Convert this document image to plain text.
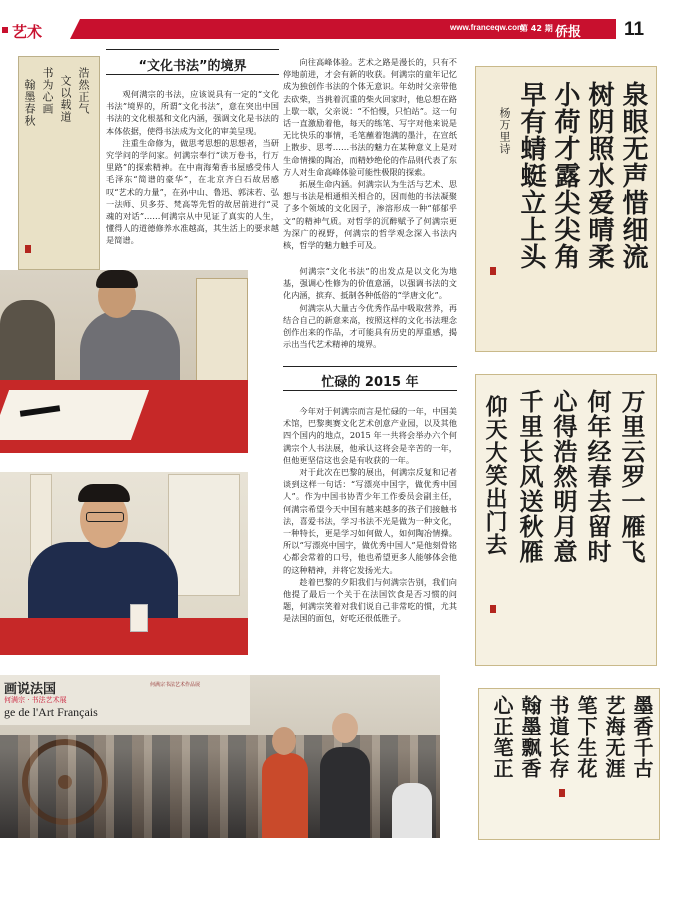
艺术	www.franceqw.com
第 42 期 侨报 11
浩然正气
文以载道
书为心画
翰墨春秋
“文化书法”的境界

观何满宗的书法，应该说具有一定的“文化书法”境界的，所谓“文化书法”，意在突出中国书法的文化根基和文化内涵，强调文化是书法的本体依据，使得书法成为文化的审美呈现。

注重生命修为，做思考思想的思想者，当研究学问的学问家。何满宗奉行“读万卷书，行万里路”的探索精神。在中南海菊香书屋感受伟人毛泽东“简谱的豪华”，在北京齐白石故居感叹“艺术的力量”，在孙中山、鲁迅、郭沫若、弘一法师、贝多芬、梵高等先哲的故居前进行“灵魂的对话”……何满宗从中见证了真实的人生，懂得人的道德修养水准越高，其生活上的要求越是简谱。

向往高峰体验。艺术之路是漫长的，只有不停地前进，才会有新的收获。何满宗的童年记忆成为独创作书法的个体无意识。年幼时父亲带他去砍柴，当挑着沉重的柴火回家时，他总想在路上歇一歇，父亲说：“不怕慢，只怕站”。这一句话一直激励着他，每天的练笔、写字对他来说是无比快乐的事情，毛笔蘸着饱满的墨汁，在宣纸上散步、思考……书法的魅力在某种意义上是对生命情操的陶冶，而精妙绝伦的作品则代表了东方人对生命高峰体验可能性极限的探索。

拓展生命内涵。何满宗认为生活与艺术、思想与书法是相通相关相合的，因而他的书法凝聚了多个领域的文化因子，渗溶形成一种“郁郁乎文”的精神气质。对哲学的沉醉赋予了何满宗更为深广的视野，何满宗的哲学观念深入书法内核，哲学的魅力触手可及。

何满宗“文化书法”的出发点是以文化为地基，强调心性修为的价值意涵，以强调书法的文化内涵，摈弃、抵制各种低俗的“学唐文化”。

何满宗从大量古今优秀作品中吸取营养，再结合自己的新意来高，按照这样的文化书法理念创作出来的作品，才可能具有历史的厚重感，揭示出当代艺术精神的境界。

忙碌的 2015 年

今年对于何满宗而言是忙碌的一年，中国美术馆，巴黎奥赛文化艺术创意产业园，以及其他四个国内的地点，2015 年一共将会举办六个何满宗个人书法展，他承认这将会是辛苦的一年，但他更坚信这也会是有收获的一年。

对于此次在巴黎的展出，何满宗反复和记者谈到这样一句话：“写漂亮中国字，做优秀中国人”。作为中国书协青少年工作委员会副主任，何满宗希望今天中国有越来越多的孩子们接触书法，喜爱书法，学习书法不光是做为一种文化，一种特长，更是学习如何做人，如何陶冶情操。所以“写漂亮中国字，做优秀中国人”是他刻骨铭心都会常着的口号，他也希望更多人能够体会他的这种精神，并将它发扬光大。

趁着巴黎的夕阳我们与何满宗告别，我们向他提了最后一个关于在法国饮食是否习惯的问题，何满宗笑着对我们说自己非常吃的惯，尤其是法国的面包，好吃还很低胜子。

泉眼无声惜细流
树阴照水爱晴柔
小荷才露尖尖角
早有蜻蜓立上头
杨万里诗
万里云罗一雁飞
何年经春去留时
心得浩然明月意
千里长风送秋雁
仰天大笑出门去
墨香千古
艺海无涯
笔下生花
书道长存
翰墨飘香
心正笔正
画说法国
何满宗 · 书法艺术展
ge de l'Art Français
何满宗书法艺术作品展
